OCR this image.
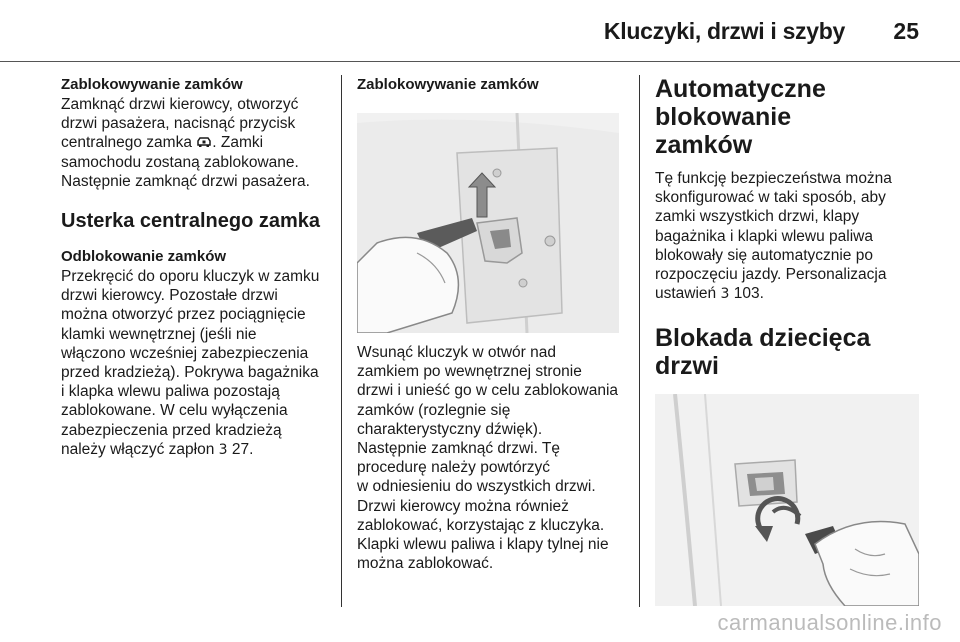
Kluczyki, drzwi i szyby 25

Zablokowywanie zamków

Zamknąć drzwi kierowcy, otworzyć
drzwi pasażera, nacisnąć przycisk
centralnego zamka . Zamki
samochodu zostaną zablokowane.
Następnie zamknąć drzwi pasażera.

Usterka centralnego zamka

Odblokowanie zamków

Przekręcić do oporu kluczyk w zamku
drzwi kierowcy. Pozostałe drzwi
można otworzyć przez pociągnięcie
klamki wewnętrznej (jeśli nie
włączono wcześniej zabezpieczenia
przed kradzieżą). Pokrywa bagażnika
i klapka wlewu paliwa pozostają
zablokowane. W celu wyłączenia
zabezpieczenia przed kradzieżą
należy włączyć zapłon 3 27.

Zablokowywanie zamków

Wsunąć kluczyk w otwór nad
zamkiem po wewnętrznej stronie
drzwi i unieść go w celu zablokowania
zamków (rozlegnie się
charakterystyczny dźwięk).
Następnie zamknąć drzwi. Tę
procedurę należy powtórzyć
w odniesieniu do wszystkich drzwi.
Drzwi kierowcy można również
zablokować, korzystając z kluczyka.
Klapki wlewu paliwa i klapy tylnej nie
można zablokować.
Automatyczne blokowanie
zamków
Tę funkcję bezpieczeństwa można
skonfigurować w taki sposób, aby
zamki wszystkich drzwi, klapy
bagażnika i klapki wlewu paliwa
blokowały się automatycznie po
rozpoczęciu jazdy. Personalizacja
ustawień 3 103.

Blokada dziecięca drzwi

carmanualsonline.info
